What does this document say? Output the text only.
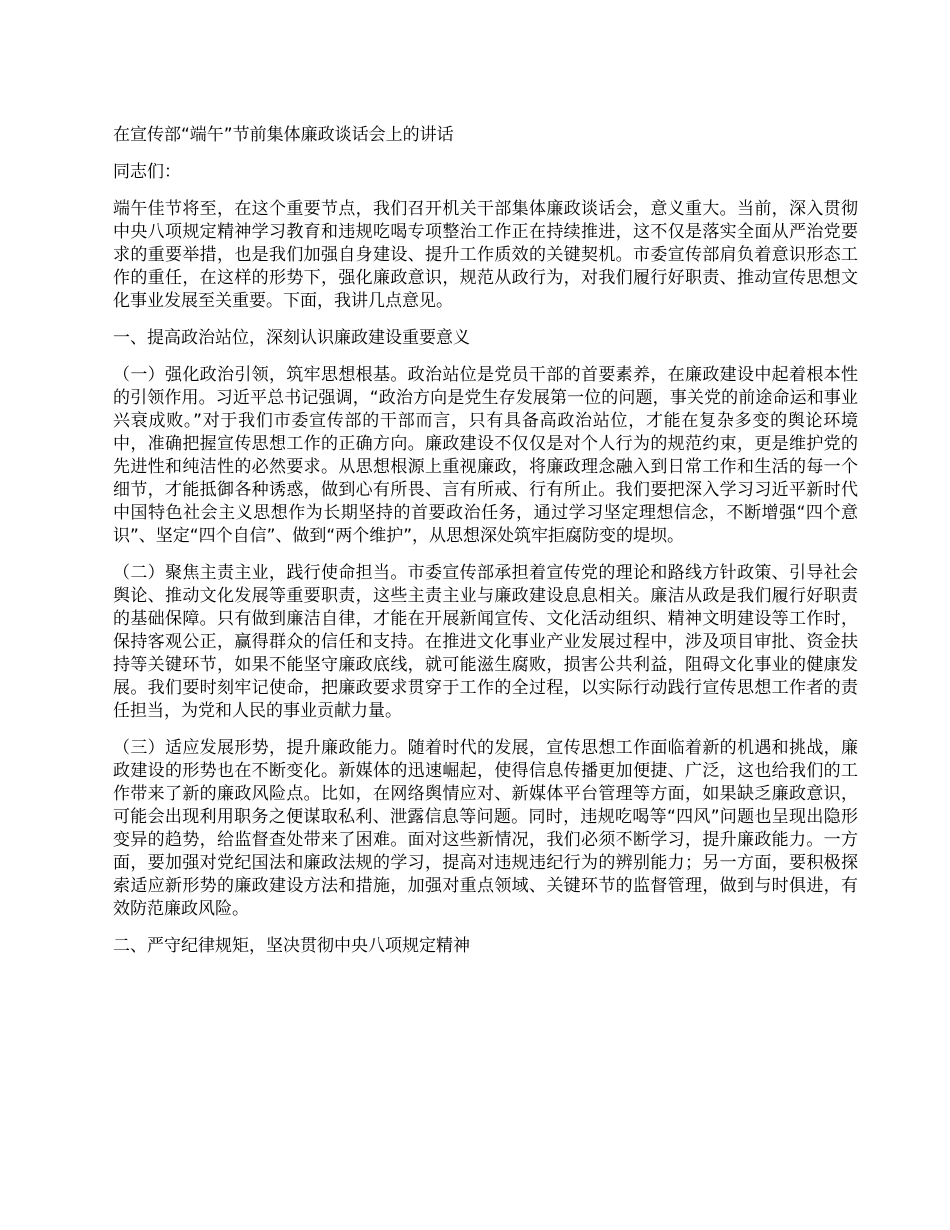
在宣传部“端午”节前集体廉政谈话会上的讲话
同志们：
端午佳节将至，在这个重要节点，我们召开机关干部集体廉政谈话会，意义重大。当前，深入贯彻中央八项规定精神学习教育和违规吃喝专项整治工作正在持续推进，这不仅是落实全面从严治党要求的重要举措，也是我们加强自身建设、提升工作质效的关键契机。市委宣传部肩负着意识形态工作的重任，在这样的形势下，强化廉政意识，规范从政行为，对我们履行好职责、推动宣传思想文化事业发展至关重要。下面，我讲几点意见。
一、提高政治站位，深刻认识廉政建设重要意义
（一）强化政治引领，筑牢思想根基。政治站位是党员干部的首要素养，在廉政建设中起着根本性的引领作用。习近平总书记强调，“政治方向是党生存发展第一位的问题，事关党的前途命运和事业兴衰成败。”对于我们市委宣传部的干部而言，只有具备高政治站位，才能在复杂多变的舆论环境中，准确把握宣传思想工作的正确方向。廉政建设不仅仅是对个人行为的规范约束，更是维护党的先进性和纯洁性的必然要求。从思想根源上重视廉政，将廉政理念融入到日常工作和生活的每一个细节，才能抵御各种诱惑，做到心有所畏、言有所戒、行有所止。我们要把深入学习习近平新时代中国特色社会主义思想作为长期坚持的首要政治任务，通过学习坚定理想信念，不断增强“四个意识”、坚定“四个自信”、做到“两个维护”，从思想深处筑牢拒腐防变的堤坝。
（二）聚焦主责主业，践行使命担当。市委宣传部承担着宣传党的理论和路线方针政策、引导社会舆论、推动文化发展等重要职责，这些主责主业与廉政建设息息相关。廉洁从政是我们履行好职责的基础保障。只有做到廉洁自律，才能在开展新闻宣传、文化活动组织、精神文明建设等工作时，保持客观公正，赢得群众的信任和支持。在推进文化事业产业发展过程中，涉及项目审批、资金扶持等关键环节，如果不能坚守廉政底线，就可能滋生腐败，损害公共利益，阻碍文化事业的健康发展。我们要时刻牢记使命，把廉政要求贯穿于工作的全过程，以实际行动践行宣传思想工作者的责任担当，为党和人民的事业贡献力量。
（三）适应发展形势，提升廉政能力。随着时代的发展，宣传思想工作面临着新的机遇和挑战，廉政建设的形势也在不断变化。新媒体的迅速崛起，使得信息传播更加便捷、广泛，这也给我们的工作带来了新的廉政风险点。比如，在网络舆情应对、新媒体平台管理等方面，如果缺乏廉政意识，可能会出现利用职务之便谋取私利、泄露信息等问题。同时，违规吃喝等“四风”问题也呈现出隐形变异的趋势，给监督查处带来了困难。面对这些新情况，我们必须不断学习，提升廉政能力。一方面，要加强对党纪国法和廉政法规的学习，提高对违规违纪行为的辨别能力；另一方面，要积极探索适应新形势的廉政建设方法和措施，加强对重点领域、关键环节的监督管理，做到与时俱进，有效防范廉政风险。
二、严守纪律规矩，坚决贯彻中央八项规定精神
